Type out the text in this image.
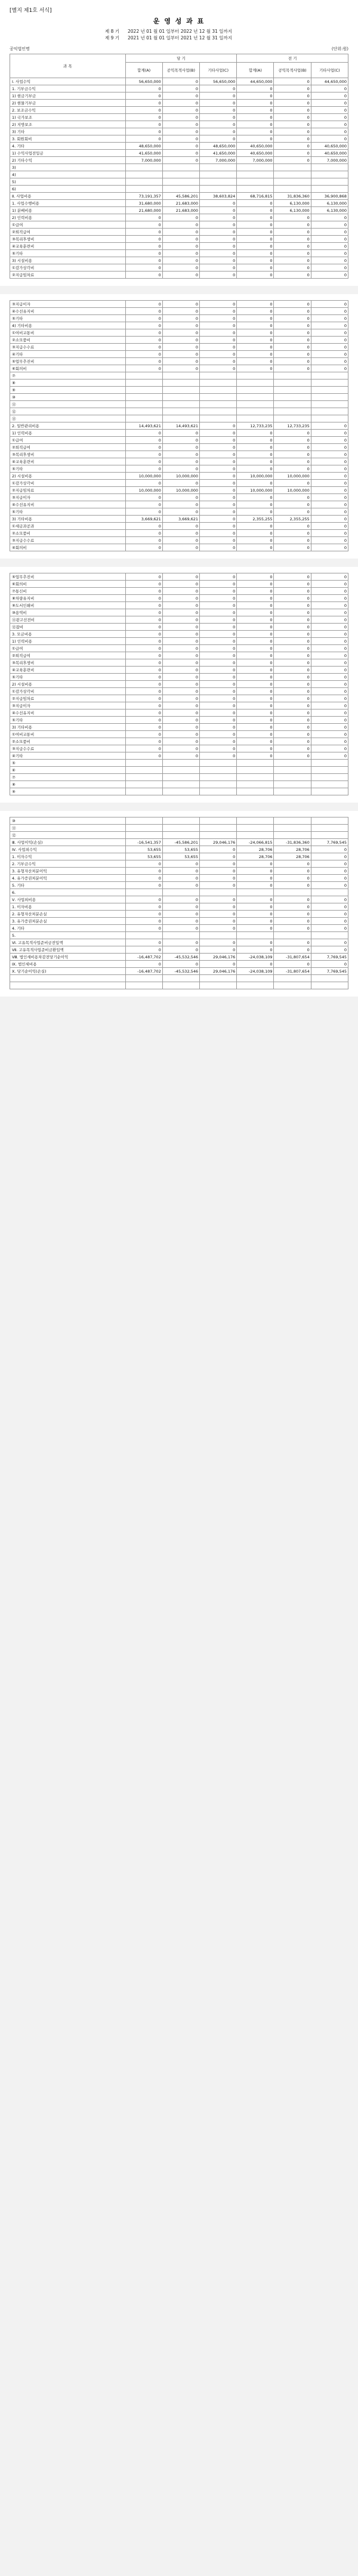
[별지 제1호 서식]
운 영 성 과 표
제 8 기 2022 년 01 월 01 일부터 2022 년 12 월 31 일까지
제 9 기 2021 년 01 월 01 일부터 2021 년 12 월 31 일까지
공익법인명	(단위:원)
과 목	당 기			전 기		
	합계(A)	공익목적사업(B)	기타사업(C)	합계(A)	공익목적사업(B)	기타사업(C)
Ⅰ. 사업수익	56,650,000	0	56,650,000	44,650,000	0	44,650,000
1. 기부금수익	0	0	0	0	0	0
1) 현금기부금	0	0	0	0	0	0
2) 현물기부금	0	0	0	0	0	0
2. 보조금수익	0	0	0	0	0	0
1) 국가보조	0	0	0	0	0	0
2) 지방보조	0	0	0	0	0	0
3) 기타	0	0	0	0	0	0
3. 회원회비	0	0	0	0	0	0
4. 기타	48,650,000	0	48,650,000	40,650,000	0	40,650,000
1) 수익사업전입금	41,650,000	0	41,650,000	40,650,000	0	40,650,000
2) 기타수익	7,000,000	0	7,000,000	7,000,000	0	7,000,000
3)						
4)						
5)						
6)						
Ⅱ. 사업비용	73,191,357	45,586,201	38,603,824	68,716,815	31,836,360	36,900,868
1. 사업수행비용	31,680,000	21,683,000	0	0	6,130,000	6,130,000
1) 분배비용	21,680,000	21,683,000	0	0	6,130,000	6,130,000
2) 인력비용	0	0	0	0	0	0
①급여	0	0	0	0	0	0
②퇴직급여	0	0	0	0	0	0
③복리후생비	0	0	0	0	0	0
④교육훈련비	0	0	0	0	0	0
⑤기타	0	0	0	0	0	0
3) 시설비용	0	0	0	0	0	0
①감가상각비	0	0	0	0	0	0
②지급임차료	0	0	0	0	0	0
③지급이자	0	0	0	0	0	0
④수선유지비	0	0	0	0	0	0
⑤기타	0	0	0	0	0	0
4) 기타비용	0	0	0	0	0	0
①여비교통비	0	0	0	0	0	0
②소모품비	0	0	0	0	0	0
③지급수수료	0	0	0	0	0	0
④기타	0	0	0	0	0	0
⑤업무추진비	0	0	0	0	0	0
⑥회의비	0	0	0	0	0	0
⑦						
⑧						
⑨						
⑩						
⑪						
⑫						
⑬						
2. 일반관리비용	14,493,621	14,493,621	0	12,733,235	12,733,235	0
1) 인력비용	0	0	0	0	0	0
①급여	0	0	0	0	0	0
②퇴직급여	0	0	0	0	0	0
③복리후생비	0	0	0	0	0	0
④교육훈련비	0	0	0	0	0	0
⑤기타	0	0	0	0	0	0
2) 시설비용	10,000,000	10,000,000	0	10,000,000	10,000,000	0
①감가상각비	0	0	0	0	0	0
②지급임차료	10,000,000	10,000,000	0	10,000,000	10,000,000	0
③지급이자	0	0	0	0	0	0
④수선유지비	0	0	0	0	0	0
⑤기타	0	0	0	0	0	0
3) 기타비용	3,669,621	3,669,621	0	2,355,255	2,355,255	0
①세금과공과	0	0	0	0	0	0
②소모품비	0	0	0	0	0	0
③지급수수료	0	0	0	0	0	0
④회의비	0	0	0	0	0	0
⑤업무추진비	0	0	0	0	0	0
⑥회의비	0	0	0	0	0	0
⑦통신비	0	0	0	0	0	0
⑧차량유지비	0	0	0	0	0	0
⑨도서인쇄비	0	0	0	0	0	0
⑩용역비	0	0	0	0	0	0
⑪광고선전비	0	0	0	0	0	0
⑫잡비	0	0	0	0	0	0
3. 모금비용	0	0	0	0	0	0
1) 인력비용	0	0	0	0	0	0
①급여	0	0	0	0	0	0
②퇴직급여	0	0	0	0	0	0
③복리후생비	0	0	0	0	0	0
④교육훈련비	0	0	0	0	0	0
⑤기타	0	0	0	0	0	0
2) 시설비용	0	0	0	0	0	0
①감가상각비	0	0	0	0	0	0
②지급임차료	0	0	0	0	0	0
③지급이자	0	0	0	0	0	0
④수선유지비	0	0	0	0	0	0
⑤기타	0	0	0	0	0	0
3) 기타비용	0	0	0	0	0	0
①여비교통비	0	0	0	0	0	0
②소모품비	0	0	0	0	0	0
③지급수수료	0	0	0	0	0	0
④기타	0	0	0	0	0	0
⑤						
⑥						
⑦						
⑧						
⑨						
⑩						
⑪						
⑫						
Ⅲ. 사업이익(손실)	-16,541,357	-45,586,201	29,046,176	-24,066,815	-31,836,360	7,769,545
Ⅳ. 사업외수익	53,655	53,655	0	28,706	28,706	0
1. 이자수익	53,655	53,655	0	28,706	28,706	0
2. 기부금수익	0	0	0	0	0	0
3. 유형자산처분이익	0	0	0	0	0	0
4. 유가증권처분이익	0	0	0	0	0	0
5. 기타	0	0	0	0	0	0
6.						
Ⅴ. 사업외비용	0	0	0	0	0	0
1. 이자비용	0	0	0	0	0	0
2. 유형자산처분손실	0	0	0	0	0	0
3. 유가증권처분손실	0	0	0	0	0	0
4. 기타	0	0	0	0	0	0
5.						
Ⅵ. 고유목적사업준비금전입액	0	0	0	0	0	0
Ⅶ. 고유목적사업준비금환입액	0	0	0	0	0	0
Ⅷ. 법인세비용차감전당기순이익	-16,487,702	-45,532,546	29,046,176	-24,038,109	-31,807,654	7,769,545
Ⅸ. 법인세비용	0	0	0	0	0	0
Ⅹ. 당기순이익(손실)	-16,487,702	-45,532,546	29,046,176	-24,038,109	-31,807,654	7,769,545
